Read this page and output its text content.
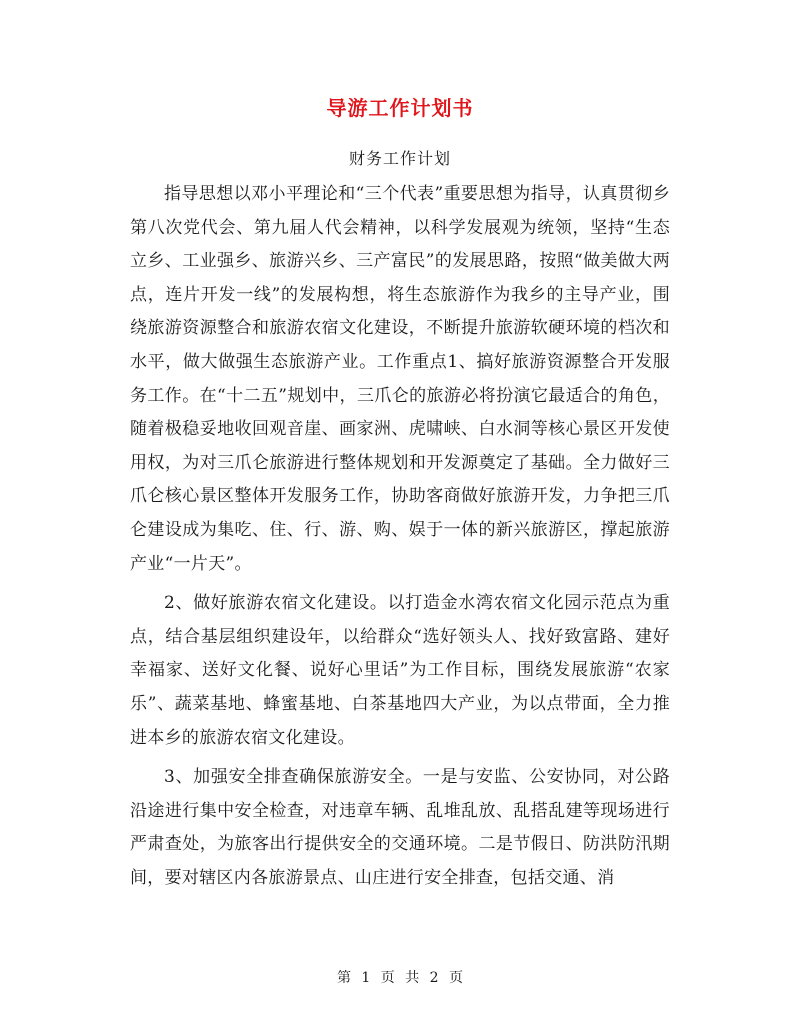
导游工作计划书
财务工作计划

指导思想以邓小平理论和“三个代表”重要思想为指导，认真贯彻乡第八次党代会、第九届人代会精神，以科学发展观为统领，坚持“生态立乡、工业强乡、旅游兴乡、三产富民”的发展思路，按照“做美做大两点，连片开发一线”的发展构想，将生态旅游作为我乡的主导产业，围绕旅游资源整合和旅游农宿文化建设，不断提升旅游软硬环境的档次和水平，做大做强生态旅游产业。工作重点1、搞好旅游资源整合开发服务工作。在“十二五”规划中，三爪仑的旅游必将扮演它最适合的角色，随着极稳妥地收回观音崖、画家洲、虎啸峡、白水洞等核心景区开发使用权，为对三爪仑旅游进行整体规划和开发源奠定了基础。全力做好三爪仑核心景区整体开发服务工作，协助客商做好旅游开发，力争把三爪仑建设成为集吃、住、行、游、购、娱于一体的新兴旅游区，撑起旅游产业“一片天”。

2、做好旅游农宿文化建设。以打造金水湾农宿文化园示范点为重点，结合基层组织建设年，以给群众“选好领头人、找好致富路、建好幸福家、送好文化餐、说好心里话”为工作目标，围绕发展旅游“农家乐”、蔬菜基地、蜂蜜基地、白茶基地四大产业，为以点带面，全力推进本乡的旅游农宿文化建设。

3、加强安全排查确保旅游安全。一是与安监、公安协同，对公路沿途进行集中安全检查，对违章车辆、乱堆乱放、乱搭乱建等现场进行严肃查处，为旅客出行提供安全的交通环境。二是节假日、防洪防汛期间，要对辖区内各旅游景点、山庄进行安全排查，包括交通、消

第 1 页 共 2 页
